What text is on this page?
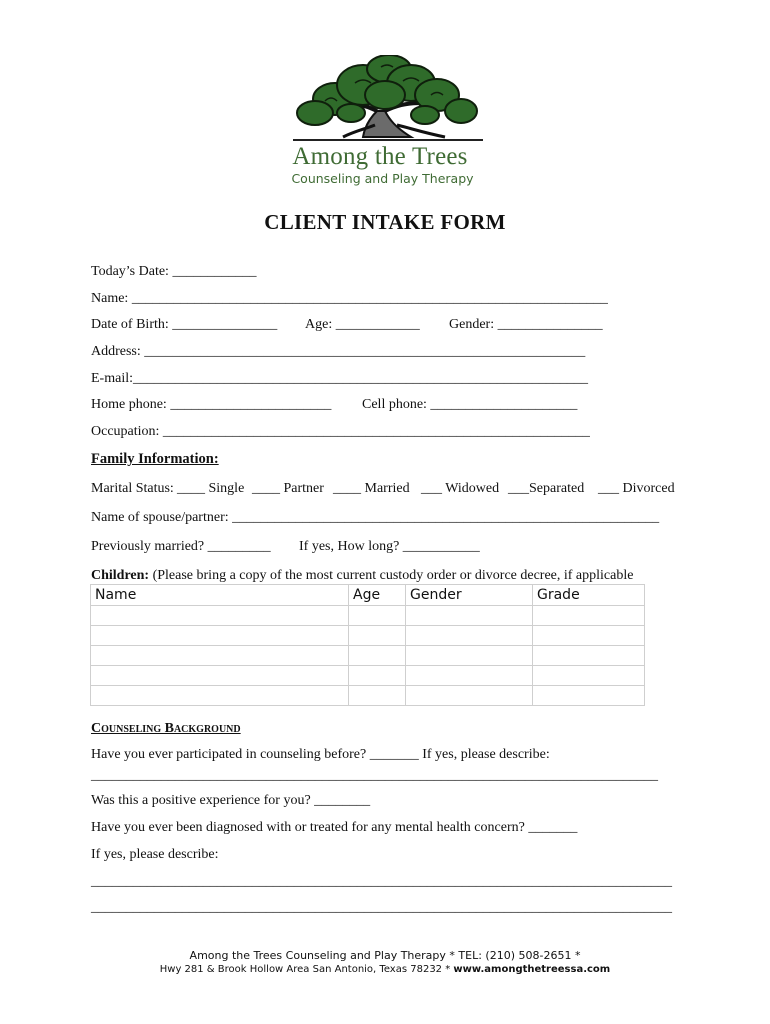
Among the Trees
Counseling and Play Therapy
CLIENT INTAKE FORM
Today’s Date: ____________
Name: ____________________________________________________________________
Date of Birth: _______________ Age: ____________ Gender: _______________
Address: _______________________________________________________________
E-mail:_________________________________________________________________
Home phone: _______________________ Cell phone: _____________________
Occupation: _____________________________________________________________
Family Information:
Marital Status: ____ Single ____ Partner ____ Married ___ Widowed ___Separated ___ Divorced
Name of spouse/partner: _____________________________________________________________
Previously married? _________ If yes, How long? ___________
Children: (Please bring a copy of the most current custody order or divorce decree, if applicable
Name	Age	Gender	Grade

Counseling Background
Have you ever participated in counseling before? _______ If yes, please describe:
_________________________________________________________________________________
Was this a positive experience for you? ________
Have you ever been diagnosed with or treated for any mental health concern? _______
If yes, please describe:
___________________________________________________________________________________
___________________________________________________________________________________
Among the Trees Counseling and Play Therapy * TEL: (210) 508-2651 *
Hwy 281 & Brook Hollow Area San Antonio, Texas 78232 * www.amongthetreessa.com
